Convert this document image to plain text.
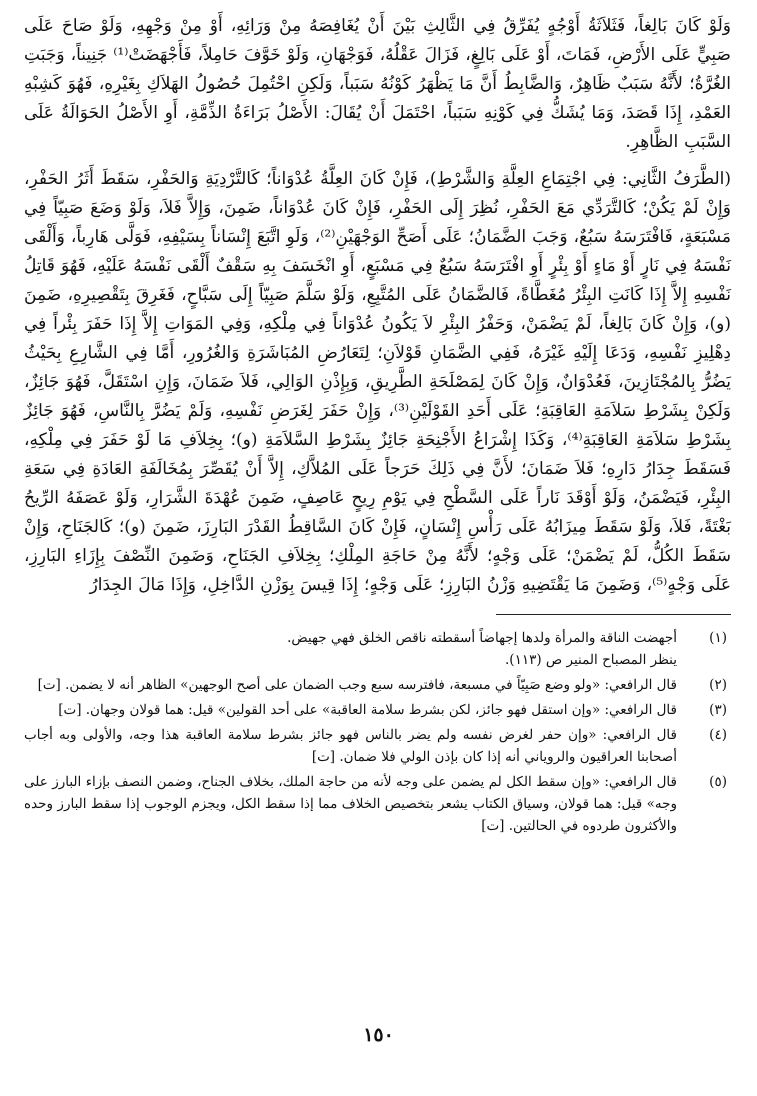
وَلَوْ كَانَ بَالِغاً، فَثَلاَثَةُ أَوْجُهٍ يُفَرِّقُ فِي الثَّالِثِ بَيْنَ أَنْ يُغَافِصَهُ مِنْ وَرَائِهِ، أَوْ مِنْ وَجْهِهِ، وَلَوْ صَاحَ عَلَى صَبِيٍّ عَلَى الأَرْضِ، فَمَاتَ، أَوْ عَلَى بَالِغٍ، فَزَالَ عَقْلُهُ، فَوَجْهَانِ، وَلَوْ خَوَّفَ حَامِلاً، فَأَجْهَضَتْ⁽¹⁾ جَنِيناً، وَجَبَتِ الغُرَّةُ؛ لأَنَّهُ سَبَبٌ ظَاهِرٌ، وَالضَّابِطُ أَنَّ مَا يَظْهَرُ كَوْنُهُ سَبَباً، وَلَكِنِ احْتُمِلَ حُصُولُ الهَلاَكِ بِغَيْرِهِ، فَهُوَ كَشِبْهِ العَمْدِ، إِذَا قَصَدَ، وَمَا يُشَكُّ فِي كَوْنِهِ سَبَباً، احْتَمَلَ أَنْ يُقَالَ: الأَصْلُ بَرَاءَةُ الذِّمَّةِ، أَوِ الأَصْلُ الحَوَالَةُ عَلَى السَّبَبِ الظَّاهِرِ.

(الطَّرَفُ الثَّانِي: فِي اجْتِمَاعِ العِلَّةِ وَالشَّرْطِ)، فَإِنْ كَانَ العِلَّةُ عُدْوَاناً؛ كَالتَّرْدِيَةِ وَالحَفْرِ، سَقَطَ أَثَرُ الحَفْرِ، وَإِنْ لَمْ يَكُنْ؛ كَالتَّرَدِّي مَعَ الحَفْرِ، نُظِرَ إِلَى الحَفْرِ، فَإِنْ كَانَ عُدْوَاناً، ضَمِنَ، وَإِلاَّ فَلاَ، وَلَوْ وَضَعَ صَبِيّاً فِي مَسْبَعَةٍ، فَافْتَرَسَهُ سَبُعٌ، وَجَبَ الضَّمَانُ؛ عَلَى أَصَحِّ الوَجْهَيْنِ⁽²⁾، وَلَوِ اتَّبَعَ إِنْسَاناً بِسَيْفِهِ، فَوَلَّى هَارِباً، وَأَلْقَى نَفْسَهُ فِي نَارٍ أَوْ مَاءٍ أَوْ بِئْرٍ أَوِ افْتَرَسَهُ سَبُعٌ فِي مَسْبَعٍ، أَوِ انْخَسَفَ بِهِ سَقْفٌ أَلْقَى نَفْسَهُ عَلَيْهِ، فَهُوَ قَاتِلُ نَفْسِهِ إِلاَّ إِذَا كَانَتِ البِئْرُ مُغَطَّاةً، فَالضَّمَانُ عَلَى المُتَّبِعِ، وَلَوْ سَلَّمَ صَبِيّاً إِلَى سَبَّاحٍ، فَغَرِقَ بِتَقْصِيرِهِ، ضَمِنَ (و)، وَإِنْ كَانَ بَالِغاً، لَمْ يَضْمَنْ، وَحَفْرُ البِئْرِ لاَ يَكُونُ عُدْوَاناً فِي مِلْكِهِ، وَفِي المَوَاتِ إِلاَّ إِذَا حَفَرَ بِئْراً فِي دِهْلِيزِ نَفْسِهِ، وَدَعَا إِلَيْهِ غَيْرَهُ، فَفِي الضَّمَانِ قَوْلاَنِ؛ لِتَعَارُضِ المُبَاشَرَةِ وَالغُرُورِ، أَمَّا فِي الشَّارِعِ بِحَيْثُ يَضُرُّ بِالمُجْتَازِينَ، فَعُدْوَانٌ، وَإِنْ كَانَ لِمَصْلَحَةِ الطَّرِيقِ، وَبِإِذْنِ الوَالِي، فَلاَ ضَمَانَ، وَإِنِ اسْتَقَلَّ، فَهُوَ جَائِزٌ، وَلَكِنْ بِشَرْطِ سَلاَمَةِ العَاقِبَةِ؛ عَلَى أَحَدِ القَوْلَيْنِ⁽³⁾، وَإِنْ حَفَرَ لِغَرَضِ نَفْسِهِ، وَلَمْ يَضُرَّ بِالنَّاسِ، فَهُوَ جَائِزٌ بِشَرْطِ سَلاَمَةِ العَاقِبَةِ⁽⁴⁾، وَكَذَا إِشْرَاعُ الأَجْنِحَةِ جَائِزٌ بِشَرْطِ السَّلاَمَةِ (و)؛ بِخِلاَفِ مَا لَوْ حَفَرَ فِي مِلْكِهِ، فَسَقَطَ جِدَارُ دَارِهِ؛ فَلاَ ضَمَانَ؛ لأَنَّ فِي ذَلِكَ حَرَجاً عَلَى المُلاَّكِ، إِلاَّ أَنْ يُقَصِّرَ بِمُخَالَفَةِ العَادَةِ فِي سَعَةِ البِئْرِ، فَيَضْمَنُ، وَلَوْ أَوْقَدَ نَاراً عَلَى السَّطْحِ فِي يَوْمِ رِيحٍ عَاصِفٍ، ضَمِنَ عُهْدَةَ الشَّرَارِ، وَلَوْ عَصَفَهُ الرِّيحُ بَغْتَةً، فَلاَ، وَلَوْ سَقَطَ مِيزَابُهُ عَلَى رَأْسِ إِنْسَانٍ، فَإِنْ كَانَ السَّاقِطُ القَدْرَ البَارِزَ، ضَمِنَ (و)؛ كَالجَنَاحِ، وَإِنْ سَقَطَ الكُلُّ، لَمْ يَضْمَنْ؛ عَلَى وَجْهٍ؛ لأَنَّهُ مِنْ حَاجَةِ المِلْكِ؛ بِخِلاَفِ الجَنَاحِ، وَضَمِنَ النِّصْفَ بِإِزَاءِ البَارِزِ، عَلَى وَجْهٍ⁽⁵⁾، وَضَمِنَ مَا يَقْتَضِيهِ وَزْنُ البَارِزِ؛ عَلَى وَجْهٍ؛ إِذَا قِيسَ بِوَزْنِ الدَّاخِلِ، وَإِذَا مَالَ الجِدَارُ

(١)
أجهضت الناقة والمرأة ولدها إجهاضاً أسقطته ناقص الخلق فهي جهيض.
ينظر المصباح المنير ص (١١٣).
(٢)
قال الرافعي: «ولو وضع صَبِيّاً في مسبعة، فافترسه سبع وجب الضمان على أصح الوجهين» الظاهر أنه لا يضمن. [ت]
(٣)
قال الرافعي: «وإن استقل فهو جائز، لكن بشرط سلامة العاقبة» على أحد القولين» قيل: هما قولان وجهان. [ت]
(٤)
قال الرافعي: «وإن حفر لغرض نفسه ولم يضر بالناس فهو جائز بشرط سلامة العاقبة هذا وجه، والأولى وبه أجاب أصحابنا العراقيون والروياني أنه إذا كان بإذن الولي فلا ضمان. [ت]
(٥)
قال الرافعي: «وإن سقط الكل لم يضمن على وجه لأنه من حاجة الملك، بخلاف الجناح، وضمن النصف بإزاء البارز على وجه» قيل: هما قولان، وسياق الكتاب يشعر بتخصيص الخلاف مما إذا سقط الكل، ويجزم الوجوب إذا سقط البارز وحده والأكثرون طردوه في الحالتين. [ت]
١٥٠
